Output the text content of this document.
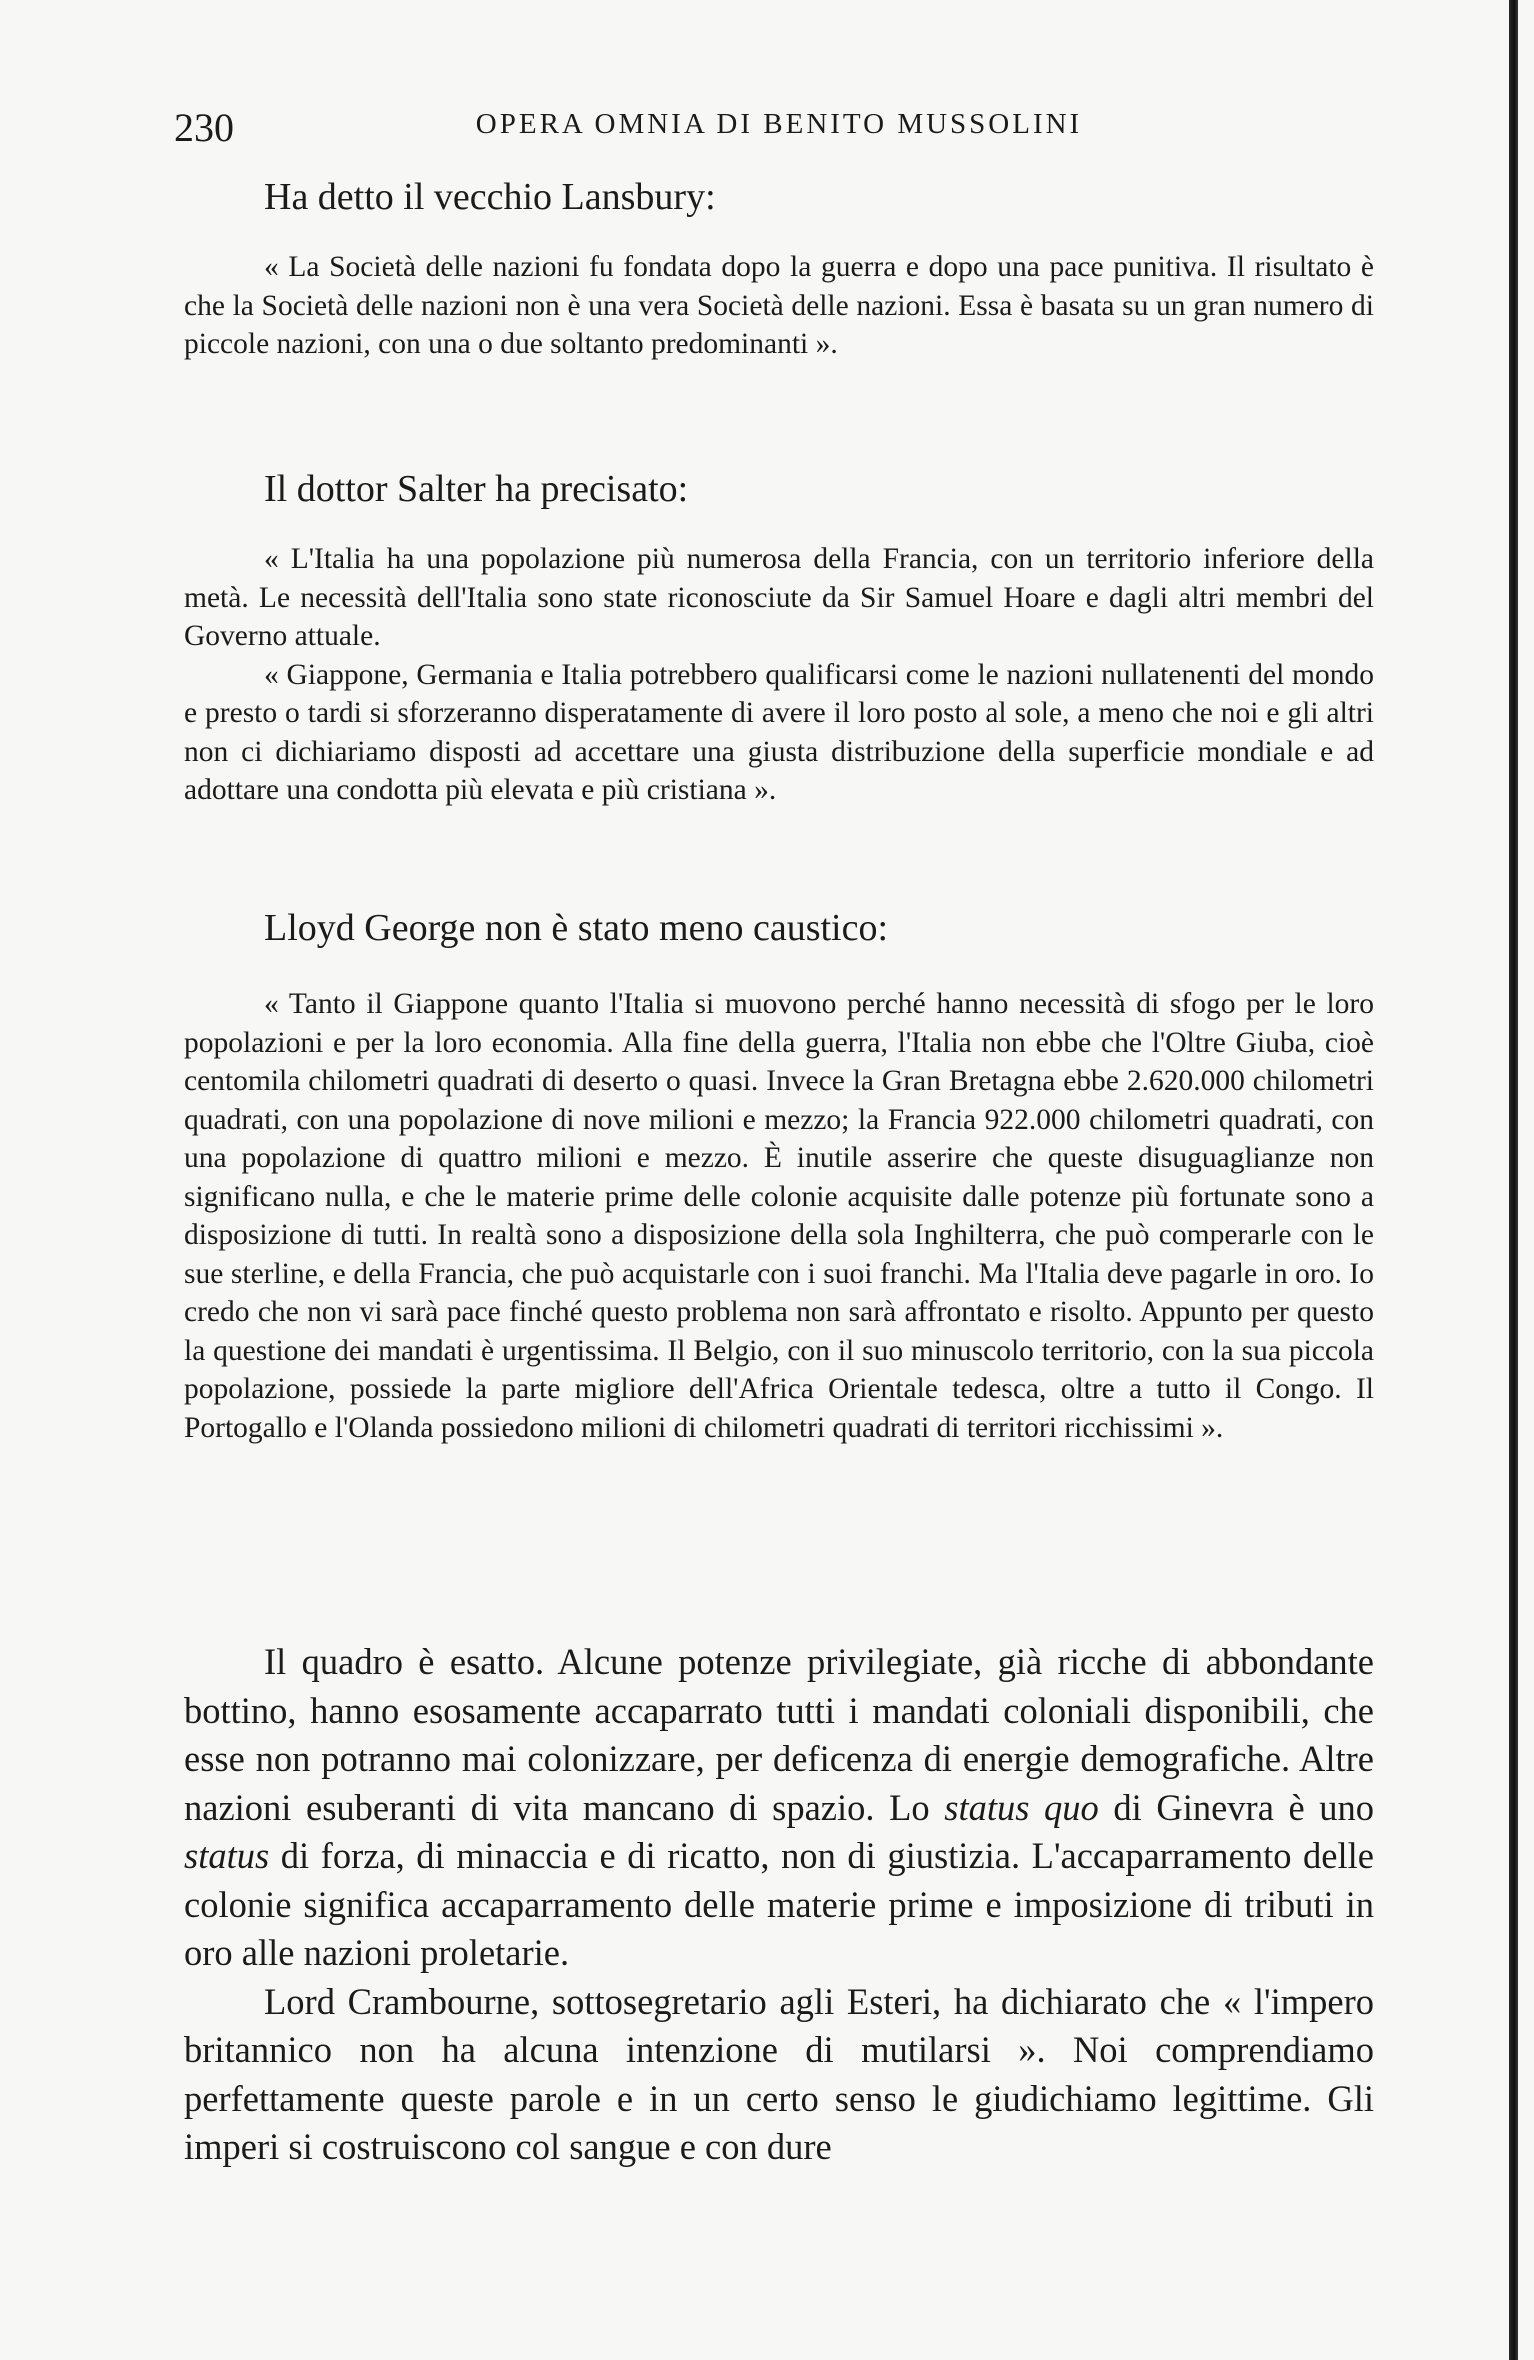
230	OPERA OMNIA DI BENITO MUSSOLINI

Ha detto il vecchio Lansbury:

« La Società delle nazioni fu fondata dopo la guerra e dopo una pace punitiva. Il risultato è che la Società delle nazioni non è una vera Società delle nazioni. Essa è basata su un gran numero di piccole nazioni, con una o due soltanto predominanti ».

Il dottor Salter ha precisato:

« L'Italia ha una popolazione più numerosa della Francia, con un territorio inferiore della metà. Le necessità dell'Italia sono state riconosciute da Sir Samuel Hoare e dagli altri membri del Governo attuale.

« Giappone, Germania e Italia potrebbero qualificarsi come le nazioni nullatenenti del mondo e presto o tardi si sforzeranno disperatamente di avere il loro posto al sole, a meno che noi e gli altri non ci dichiariamo disposti ad accettare una giusta distribuzione della superficie mondiale e ad adottare una condotta più elevata e più cristiana ».

Lloyd George non è stato meno caustico:

« Tanto il Giappone quanto l'Italia si muovono perché hanno necessità di sfogo per le loro popolazioni e per la loro economia. Alla fine della guerra, l'Italia non ebbe che l'Oltre Giuba, cioè centomila chilometri quadrati di deserto o quasi. Invece la Gran Bretagna ebbe 2.620.000 chilometri quadrati, con una popolazione di nove milioni e mezzo; la Francia 922.000 chilometri quadrati, con una popolazione di quattro milioni e mezzo. È inutile asserire che queste disuguaglianze non significano nulla, e che le materie prime delle colonie acquisite dalle potenze più fortunate sono a disposizione di tutti. In realtà sono a disposizione della sola Inghilterra, che può comperarle con le sue sterline, e della Francia, che può acquistarle con i suoi franchi. Ma l'Italia deve pagarle in oro. Io credo che non vi sarà pace finché questo problema non sarà affrontato e risolto. Appunto per questo la questione dei mandati è urgentissima. Il Belgio, con il suo minuscolo territorio, con la sua piccola popolazione, possiede la parte migliore dell'Africa Orientale tedesca, oltre a tutto il Congo. Il Portogallo e l'Olanda possiedono milioni di chilometri quadrati di territori ricchissimi ».

Il quadro è esatto. Alcune potenze privilegiate, già ricche di abbondante bottino, hanno esosamente accaparrato tutti i mandati coloniali disponibili, che esse non potranno mai colonizzare, per deficenza di energie demografiche. Altre nazioni esuberanti di vita mancano di spazio. Lo status quo di Ginevra è uno status di forza, di minaccia e di ricatto, non di giustizia. L'accaparramento delle colonie significa accaparramento delle materie prime e imposizione di tributi in oro alle nazioni proletarie.

Lord Crambourne, sottosegretario agli Esteri, ha dichiarato che « l'impero britannico non ha alcuna intenzione di mutilarsi ». Noi comprendiamo perfettamente queste parole e in un certo senso le giudichiamo legittime. Gli imperi si costruiscono col sangue e con dure
